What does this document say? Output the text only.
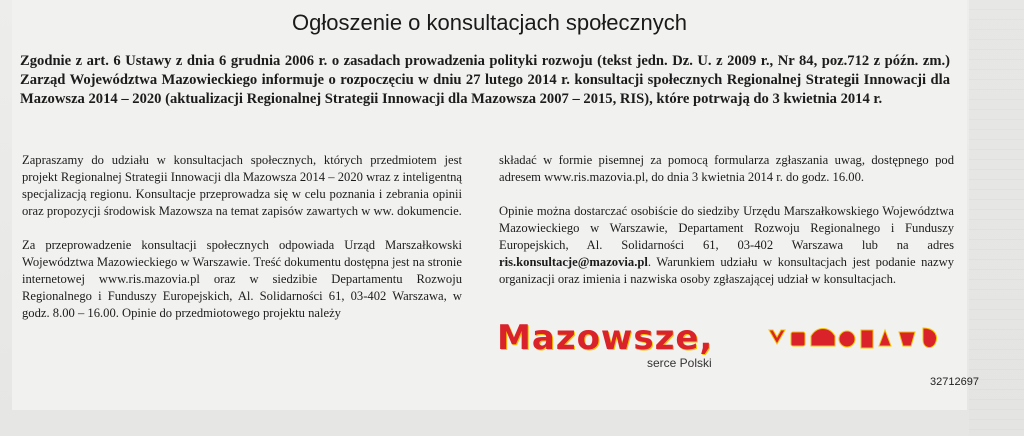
Ogłoszenie o konsultacjach społecznych
Zgodnie z art. 6 Ustawy z dnia 6 grudnia 2006 r. o zasadach prowadzenia polityki rozwoju (tekst jedn. Dz. U. z 2009 r., Nr 84, poz.712 z późn. zm.) Zarząd Województwa Mazowieckiego informuje o rozpoczęciu w dniu 27 lutego 2014 r. konsultacji społecznych Regionalnej Strategii Innowacji dla Mazowsza 2014 – 2020 (aktualizacji Regionalnej Strategii Innowacji dla Mazowsza 2007 – 2015, RIS), które potrwają do 3 kwietnia 2014 r.

Zapraszamy do udziału w konsultacjach społecznych, których przedmiotem jest projekt Regionalnej Strategii Innowacji dla Mazowsza 2014 – 2020 wraz z inteligentną specjalizacją regionu. Konsultacje przeprowadza się w celu poznania i zebrania opinii oraz propozycji środowisk Mazowsza na temat zapisów zawartych w ww. dokumencie.

Za przeprowadzenie konsultacji społecznych odpowiada Urząd Marszałkowski Województwa Mazowieckiego w Warszawie. Treść dokumentu dostępna jest na stronie internetowej www.ris.mazovia.pl oraz w siedzibie Departamentu Rozwoju Regionalnego i Funduszy Europejskich, Al. Solidarności 61, 03-402 Warszawa, w godz. 8.00 – 16.00. Opinie do przedmiotowego projektu należy

składać w formie pisemnej za pomocą formularza zgłaszania uwag, dostępnego pod adresem www.ris.mazovia.pl, do dnia 3 kwietnia 2014 r. do godz. 16.00.

Opinie można dostarczać osobiście do siedziby Urzędu Marszałkowskiego Województwa Mazowieckiego w Warszawie, Departament Rozwoju Regionalnego i Funduszy Europejskich, Al. Solidarności 61, 03-402 Warszawa lub na adres ris.konsultacje@mazovia.pl. Warunkiem udziału w konsultacjach jest podanie nazwy organizacji oraz imienia i nazwiska osoby zgłaszającej udział w konsultacjach.

Mazowsze,
serce Polski
32712697
